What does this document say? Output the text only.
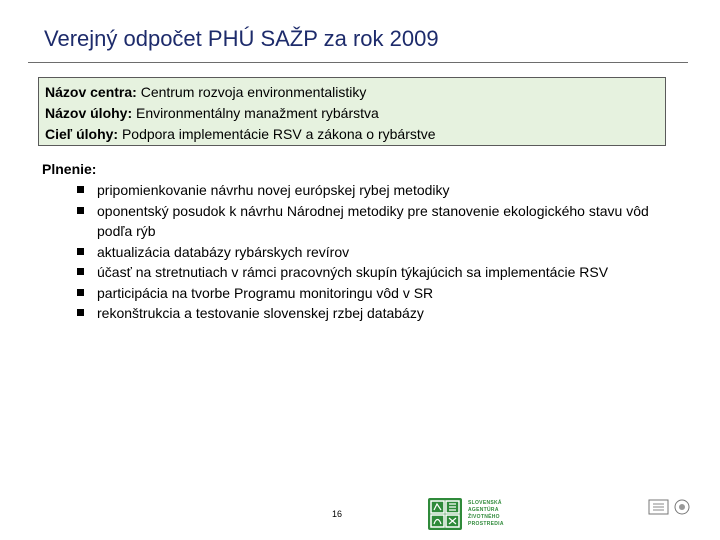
Verejný odpočet PHÚ SAŽP za rok 2009
Názov centra: Centrum rozvoja environmentalistiky
Názov úlohy: Environmentálny manažment rybárstva
Cieľ úlohy: Podpora implementácie RSV a zákona o rybárstve
Plnenie:
pripomienkovanie návrhu novej európskej rybej metodiky
oponentský posudok k návrhu Národnej metodiky pre stanovenie ekologického stavu vôd podľa rýb
aktualizácia databázy rybárskych revírov
účasť na stretnutiach v rámci pracovných skupín týkajúcich sa implementácie RSV
participácia na tvorbe Programu monitoringu vôd v SR
rekonštrukcia a testovanie slovenskej rzbej databázy
16
SLOVENSKÁ
AGENTÚRA
ŽIVOTNÉHO
PROSTREDIA
